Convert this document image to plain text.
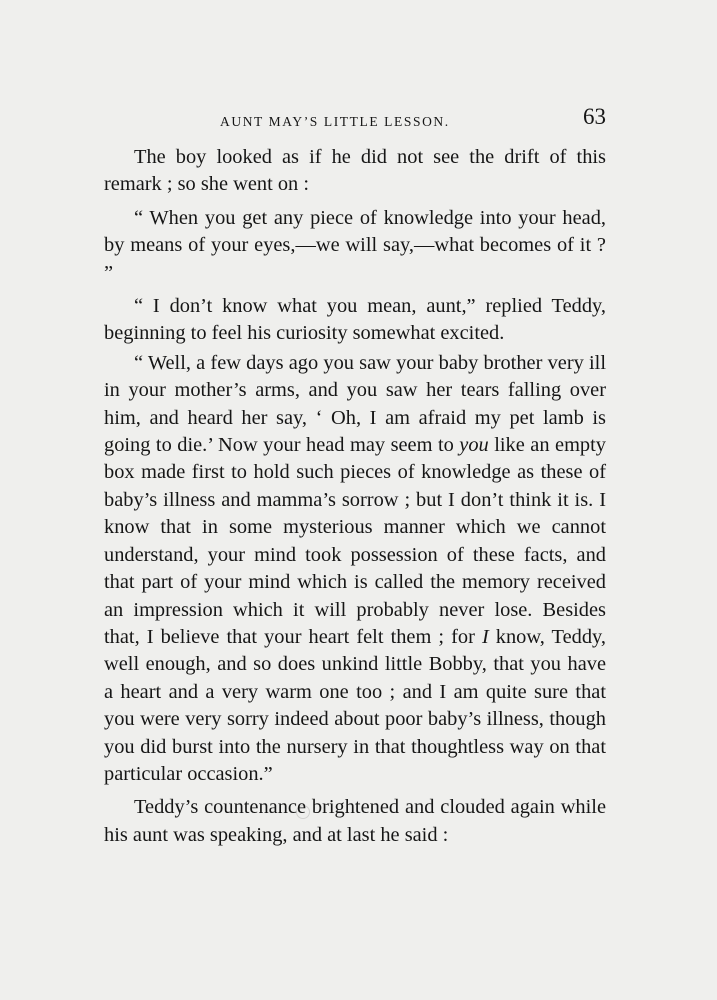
AUNT MAY’S LITTLE LESSON.	63

The boy looked as if he did not see the drift of this remark ; so she went on :

“ When you get any piece of knowledge into your head, by means of your eyes,—we will say,—what becomes of it ? ”

“ I don’t know what you mean, aunt,” replied Teddy, beginning to feel his curiosity somewhat excited.

“ Well, a few days ago you saw your baby brother very ill in your mother’s arms, and you saw her tears falling over him, and heard her say, ‘ Oh, I am afraid my pet lamb is going to die.’ Now your head may seem to you like an empty box made first to hold such pieces of knowledge as these of baby’s illness and mamma’s sorrow ; but I don’t think it is. I know that in some mysterious manner which we cannot understand, your mind took possession of these facts, and that part of your mind which is called the memory received an impression which it will probably never lose. Besides that, I believe that your heart felt them ; for I know, Teddy, well enough, and so does unkind little Bobby, that you have a heart and a very warm one too ; and I am quite sure that you were very sorry indeed about poor baby’s illness, though you did burst into the nursery in that thoughtless way on that particular occasion.”

Teddy’s countenance brightened and clouded again while his aunt was speaking, and at last he said :
